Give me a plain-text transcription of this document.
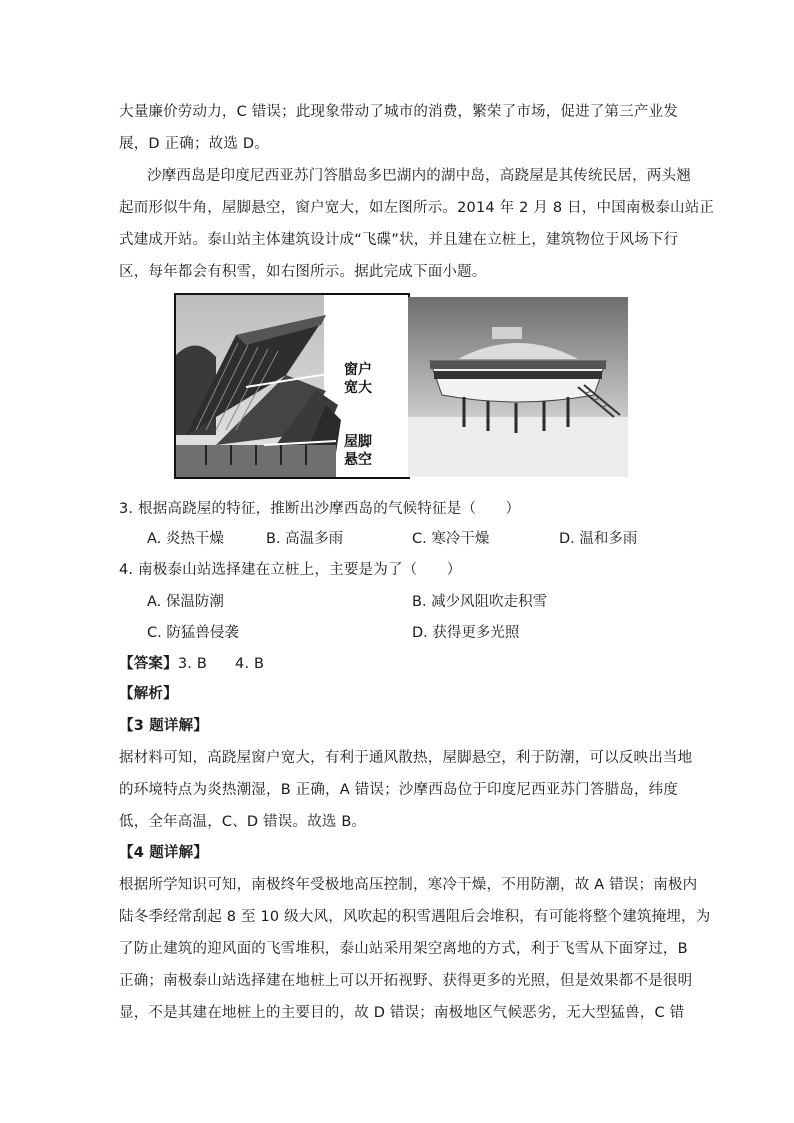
大量廉价劳动力，C 错误；此现象带动了城市的消费，繁荣了市场，促进了第三产业发
展，D 正确；故选 D。
沙摩西岛是印度尼西亚苏门答腊岛多巴湖内的湖中岛，高跷屋是其传统民居，两头翘
起而形似牛角，屋脚悬空，窗户宽大，如左图所示。2014 年 2 月 8 日，中国南极泰山站正
式建成开站。泰山站主体建筑设计成“飞碟”状，并且建在立桩上，建筑物位于风场下行
区，每年都会有积雪，如右图所示。据此完成下面小题。
窗户
宽大
屋脚
悬空
3. 根据高跷屋的特征，推断出沙摩西岛的气候特征是（　　）
A. 炎热干燥	B. 高温多雨	C. 寒冷干燥	D. 温和多雨
4. 南极泰山站选择建在立桩上，主要是为了（　　）
A. 保温防潮	B. 减少风阻吹走积雪
C. 防猛兽侵袭	D. 获得更多光照
【答案】3. B 4. B
【解析】
【3 题详解】
据材料可知，高跷屋窗户宽大，有利于通风散热，屋脚悬空，利于防潮，可以反映出当地
的环境特点为炎热潮湿，B 正确，A 错误；沙摩西岛位于印度尼西亚苏门答腊岛，纬度
低，全年高温，C、D 错误。故选 B。
【4 题详解】
根据所学知识可知，南极终年受极地高压控制，寒冷干燥，不用防潮，故 A 错误；南极内
陆冬季经常刮起 8 至 10 级大风，风吹起的积雪遇阻后会堆积，有可能将整个建筑掩埋，为
了防止建筑的迎风面的飞雪堆积，泰山站采用架空离地的方式，利于飞雪从下面穿过，B
正确；南极泰山站选择建在地桩上可以开拓视野、获得更多的光照，但是效果都不是很明
显，不是其建在地桩上的主要目的，故 D 错误；南极地区气候恶劣，无大型猛兽，C 错
